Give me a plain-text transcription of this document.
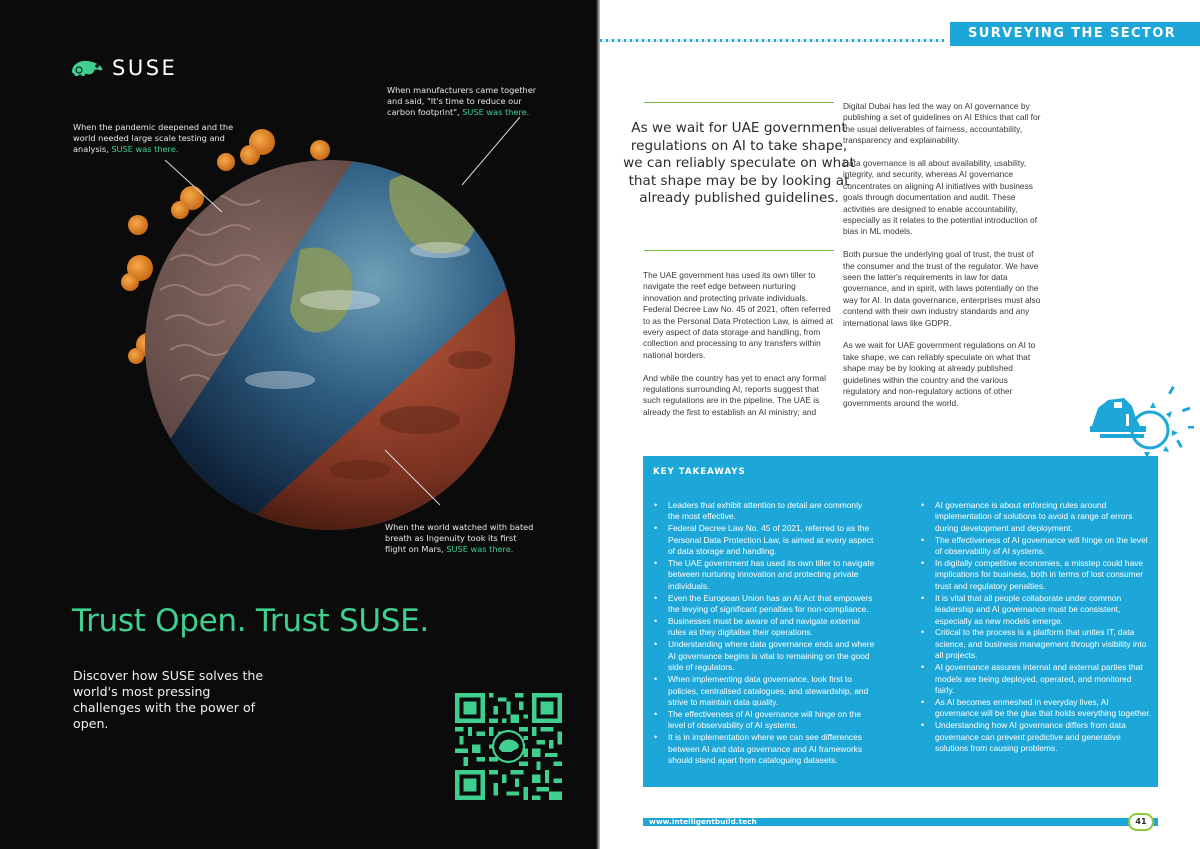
SUSE
When the pandemic deepened and the world needed large scale testing and analysis, SUSE was there.
When manufacturers came together and said, "It's time to reduce our carbon footprint", SUSE was there.
When the world watched with bated breath as Ingenuity took its first flight on Mars, SUSE was there.
Trust Open. Trust SUSE.

Discover how SUSE solves the world's most pressing challenges with the power of open.

SURVEYING THE SECTOR
As we wait for UAE government regulations on AI to take shape, we can reliably speculate on what that shape may be by looking at already published guidelines.

The UAE government has used its own tiller to navigate the reef edge between nurturing innovation and protecting private individuals. Federal Decree Law No. 45 of 2021, often referred to as the Personal Data Protection Law, is aimed at every aspect of data storage and handling, from collection and processing to any transfers within national borders.

And while the country has yet to enact any formal regulations surrounding AI, reports suggest that such regulations are in the pipeline. The UAE is already the first to establish an AI ministry; and

Digital Dubai has led the way on AI governance by publishing a set of guidelines on AI Ethics that call for the usual deliverables of fairness, accountability, transparency and explainability.

Data governance is all about availability, usability, integrity, and security, whereas AI governance concentrates on aligning AI initiatives with business goals through documentation and audit. These activities are designed to enable accountability, especially as it relates to the potential introduction of bias in ML models.

Both pursue the underlying goal of trust, the trust of the consumer and the trust of the regulator. We have seen the latter's requirements in law for data governance, and in spirit, with laws potentially on the way for AI. In data governance, enterprises must also contend with their own industry standards and any international laws like GDPR.

As we wait for UAE government regulations on AI to take shape, we can reliably speculate on what that shape may be by looking at already published guidelines within the country and the various regulatory and non-regulatory actions of other governments around the world.

KEY TAKEAWAYS
• Leaders that exhibit attention to detail are commonly the most effective.
• Federal Decree Law No. 45 of 2021, referred to as the Personal Data Protection Law, is aimed at every aspect of data storage and handling.
• The UAE government has used its own tiller to navigate between nurturing innovation and protecting private individuals.
• Even the European Union has an AI Act that empowers the levying of significant penalties for non-compliance.
• Businesses must be aware of and navigate external rules as they digitalise their operations.
• Understanding where data governance ends and where AI governance begins is vital to remaining on the good side of regulators.
• When implementing data governance, look first to policies, centralised catalogues, and stewardship, and strive to maintain data quality.
• The effectiveness of AI governance will hinge on the level of observability of AI systems.
• It is in implementation where we can see differences between AI and data governance and AI frameworks should stand apart from cataloguing datasets.
• AI governance is about enforcing rules around implementation of solutions to avoid a range of errors during development and deployment.
• The effectiveness of AI governance will hinge on the level of observability of AI systems.
• In digitally competitive economies, a misstep could have implications for business, both in terms of lost consumer trust and regulatory penalties.
• It is vital that all people collaborate under common leadership and AI governance must be consistent, especially as new models emerge.
• Critical to the process is a platform that unites IT, data science, and business management through visibility into all projects.
• AI governance assures internal and external parties that models are being deployed, operated, and monitored fairly.
• As AI becomes enmeshed in everyday lives, AI governance will be the glue that holds everything together.
• Understanding how AI governance differs from data governance can prevent predictive and generative solutions from causing problems.
www.intelligentbuild.tech	41
